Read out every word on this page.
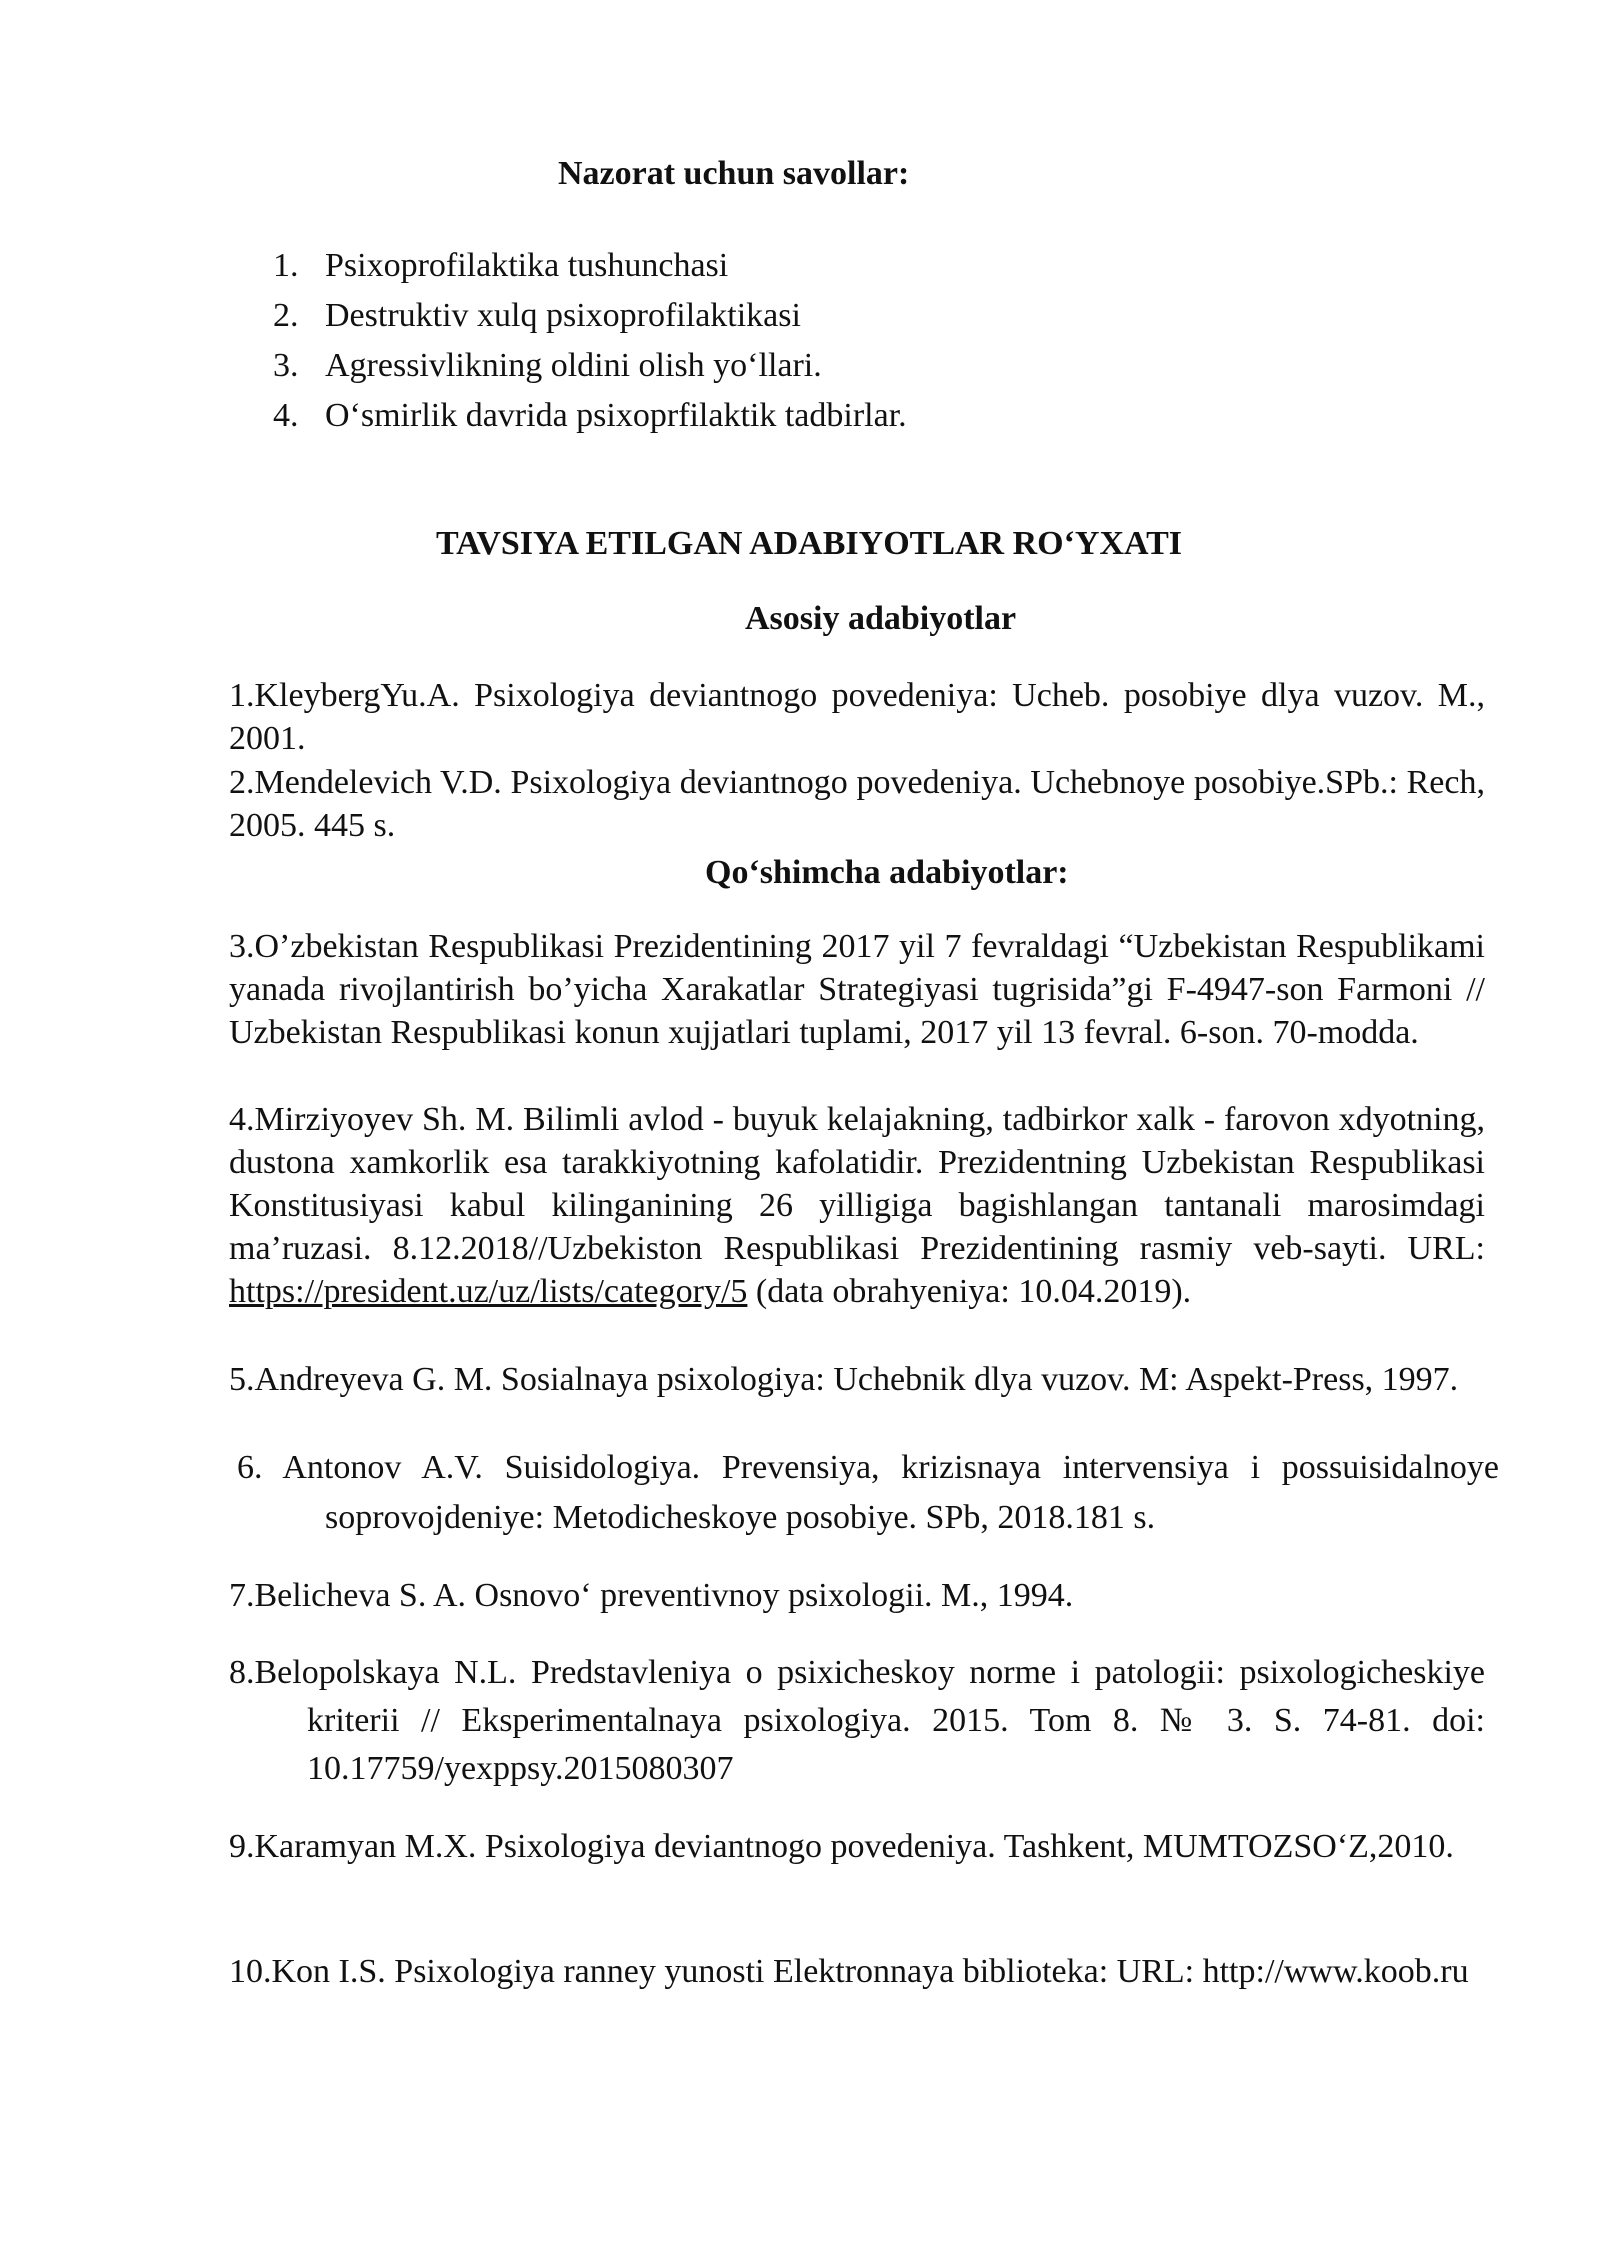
Nazorat uchun savollar:
1. Psixoprofilaktika tushunchasi
2. Destruktiv xulq psixoprofilaktikasi
3. Agressivlikning oldini olish yo‘llari.
4. O‘smirlik davrida psixoprfilaktik tadbirlar.
TAVSIYA ETILGAN ADABIYOTLAR RO‘YXATI
Asosiy adabiyotlar

1.KleybergYu.A. Psixologiya deviantnogo povedeniya: Ucheb. posobiye dlya vuzov. M., 2001.

2.Mendelevich V.D. Psixologiya deviantnogo povedeniya. Uchebnoye posobiye.SPb.: Rech, 2005. 445 s.

Qo‘shimcha adabiyotlar:

3.O’zbekistan Respublikasi Prezidentining 2017 yil 7 fevraldagi “Uzbekistan Respublikami yanada rivojlantirish bo’yicha Xarakatlar Strategiyasi tugrisida”gi F-4947-son Farmoni // Uzbekistan Respublikasi konun xujjatlari tuplami, 2017 yil 13 fevral. 6-son. 70-modda.

4.Mirziyoyev Sh. M. Bilimli avlod - buyuk kelajakning, tadbirkor xalk - farovon xdyotning, dustona xamkorlik esa tarakkiyotning kafolatidir. Prezidentning Uzbekistan Respublikasi Konstitusiyasi kabul kilinganining 26 yilligiga bagishlangan tantanali marosimdagi ma’ruzasi. 8.12.2018//Uzbekiston Respublikasi Prezidentining rasmiy veb-sayti. URL: https://president.uz/uz/lists/category/5 (data obrahyeniya: 10.04.2019).

5.Andreyeva G. M. Sosialnaya psixologiya: Uchebnik dlya vuzov. M: Aspekt-Press, 1997.

6. Antonov A.V. Suisidologiya. Prevensiya, krizisnaya intervensiya i possuisidalnoye soprovojdeniye: Metodicheskoye posobiye. SPb, 2018.181 s.

7.Belicheva S. A. Osnovo‘ preventivnoy psixologii. M., 1994.

8.Belopolskaya N.L. Predstavleniya o psixicheskoy norme i patologii: psixologicheskiye kriterii // Eksperimentalnaya psixologiya. 2015. Tom 8. № 3. S. 74-81. doi: 10.17759/yexppsy.2015080307

9.Karamyan M.X. Psixologiya deviantnogo povedeniya. Tashkent, MUMTOZSO‘Z,2010.

10.Kon I.S. Psixologiya ranney yunosti Elektronnaya biblioteka: URL: http://www.koob.ru
